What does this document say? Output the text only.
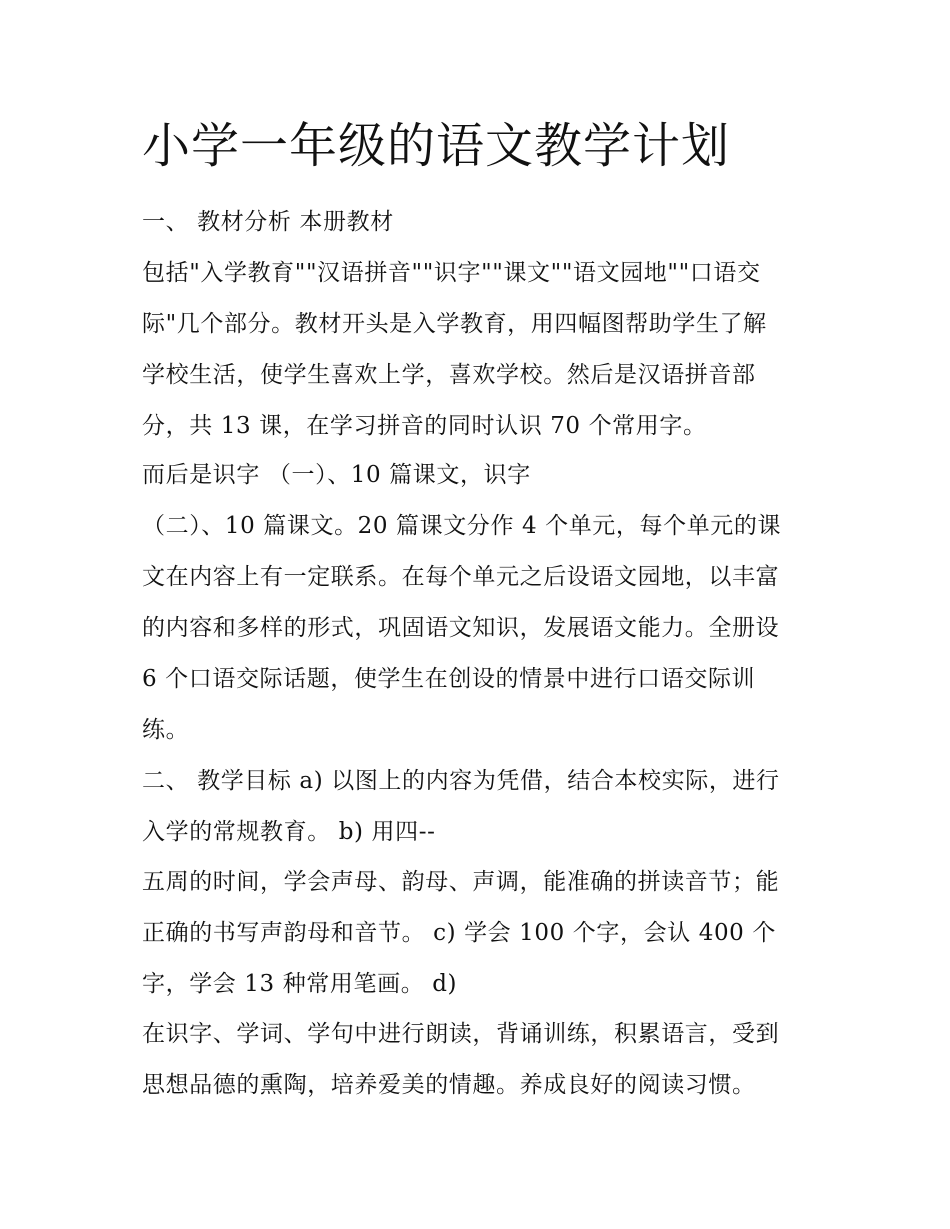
小学一年级的语文教学计划

一、 教材分析 本册教材

包括"入学教育""汉语拼音""识字""课文""语文园地""口语交

际"几个部分。教材开头是入学教育，用四幅图帮助学生了解

学校生活，使学生喜欢上学，喜欢学校。然后是汉语拼音部

分，共 13 课，在学习拼音的同时认识 70 个常用字。

而后是识字 （一）、10 篇课文，识字

（二）、10 篇课文。20 篇课文分作 4 个单元，每个单元的课

文在内容上有一定联系。在每个单元之后设语文园地，以丰富

的内容和多样的形式，巩固语文知识，发展语文能力。全册设

6 个口语交际话题，使学生在创设的情景中进行口语交际训

练。

二、 教学目标 a) 以图上的内容为凭借，结合本校实际，进行

入学的常规教育。 b) 用四--

五周的时间，学会声母、韵母、声调，能准确的拼读音节；能

正确的书写声韵母和音节。 c) 学会 100 个字，会认 400 个

字，学会 13 种常用笔画。 d)

在识字、学词、学句中进行朗读，背诵训练，积累语言，受到

思想品德的熏陶，培养爱美的情趣。养成良好的阅读习惯。
